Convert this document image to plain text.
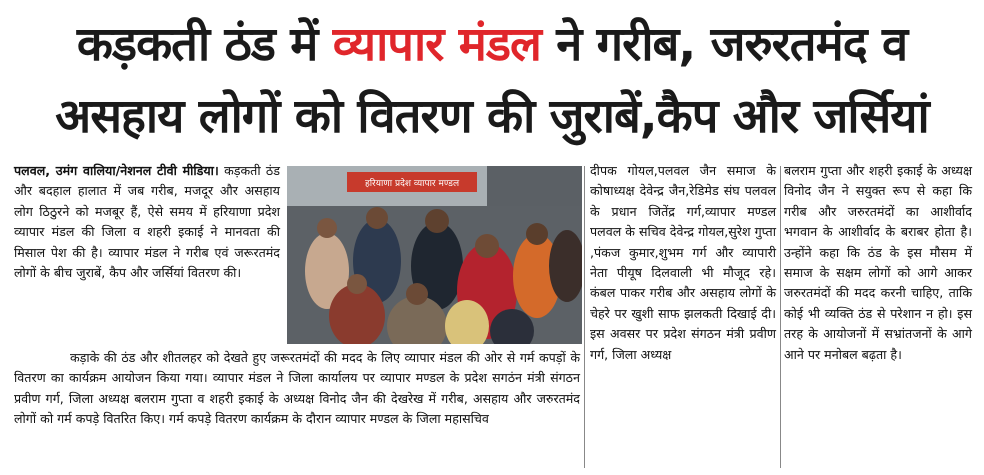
कड़कती ठंड में व्यापार मंडल ने गरीब, जरुरतमंद व
असहाय लोगों को वितरण की जुराबें,कैप और जर्सियां

पलवल, उमंग वालिया/नेशनल टीवी मीडिया। कड़कती ठंड और बदहाल हालात में जब गरीब, मजदूर और असहाय लोग ठिठुरने को मजबूर हैं, ऐसे समय में हरियाणा प्रदेश व्यापार मंडल की जिला व शहरी इकाई ने मानवता की मिसाल पेश की है। व्यापार मंडल ने गरीब एवं जरूरतमंद लोगों के बीच जुराबें, कैप और जर्सियां वितरण की।

हरियाणा प्रदेश व्यापार मण्डल

कड़ाके की ठंड और शीतलहर को देखते हुए जरूरतमंदों की मदद के लिए व्यापार मंडल की ओर से गर्म कपड़ों के वितरण का कार्यक्रम आयोजन किया गया। व्यापार मंडल ने जिला कार्यालय पर व्यापार मण्डल के प्रदेश सगठंन मंत्री संगठन प्रवीण गर्ग, जिला अध्यक्ष बलराम गुप्ता व शहरी इकाई के अध्यक्ष विनोद जैन की देखरेख में गरीब, असहाय और जरुरतमंद लोगों को गर्म कपड़े वितरित किए। गर्म कपड़े वितरण कार्यक्रम के दौरान व्यापार मण्डल के जिला महासचिव

दीपक गोयल,पलवल जैन समाज के कोषाध्यक्ष देवेन्द्र जैन,रेडिमेड संघ पलवल के प्रधान जितेंद्र गर्ग,व्यापार मण्डल पलवल के सचिव देवेन्द्र गोयल,सुरेश गुप्ता ,पंकज कुमार,शुभम गर्ग और व्यापारी नेता पीयूष दिलवाली भी मौजूद रहे। कंबल पाकर गरीब और असहाय लोगों के चेहरे पर खुशी साफ झलकती दिखाई दी। इस अवसर पर प्रदेश संगठन मंत्री प्रवीण गर्ग, जिला अध्यक्ष

बलराम गुप्ता और शहरी इकाई के अध्यक्ष विनोद जैन ने सयुक्त रूप से कहा कि गरीब और जरुरतमंदों का आशीर्वाद भगवान के आशीर्वाद के बराबर होता है। उन्होंने कहा कि ठंड के इस मौसम में समाज के सक्षम लोगों को आगे आकर जरुरतमंदों की मदद करनी चाहिए, ताकि कोई भी व्यक्ति ठंड से परेशान न हो। इस तरह के आयोजनों में सभ्रांतजनों के आगे आने पर मनोबल बढ़ता है।
